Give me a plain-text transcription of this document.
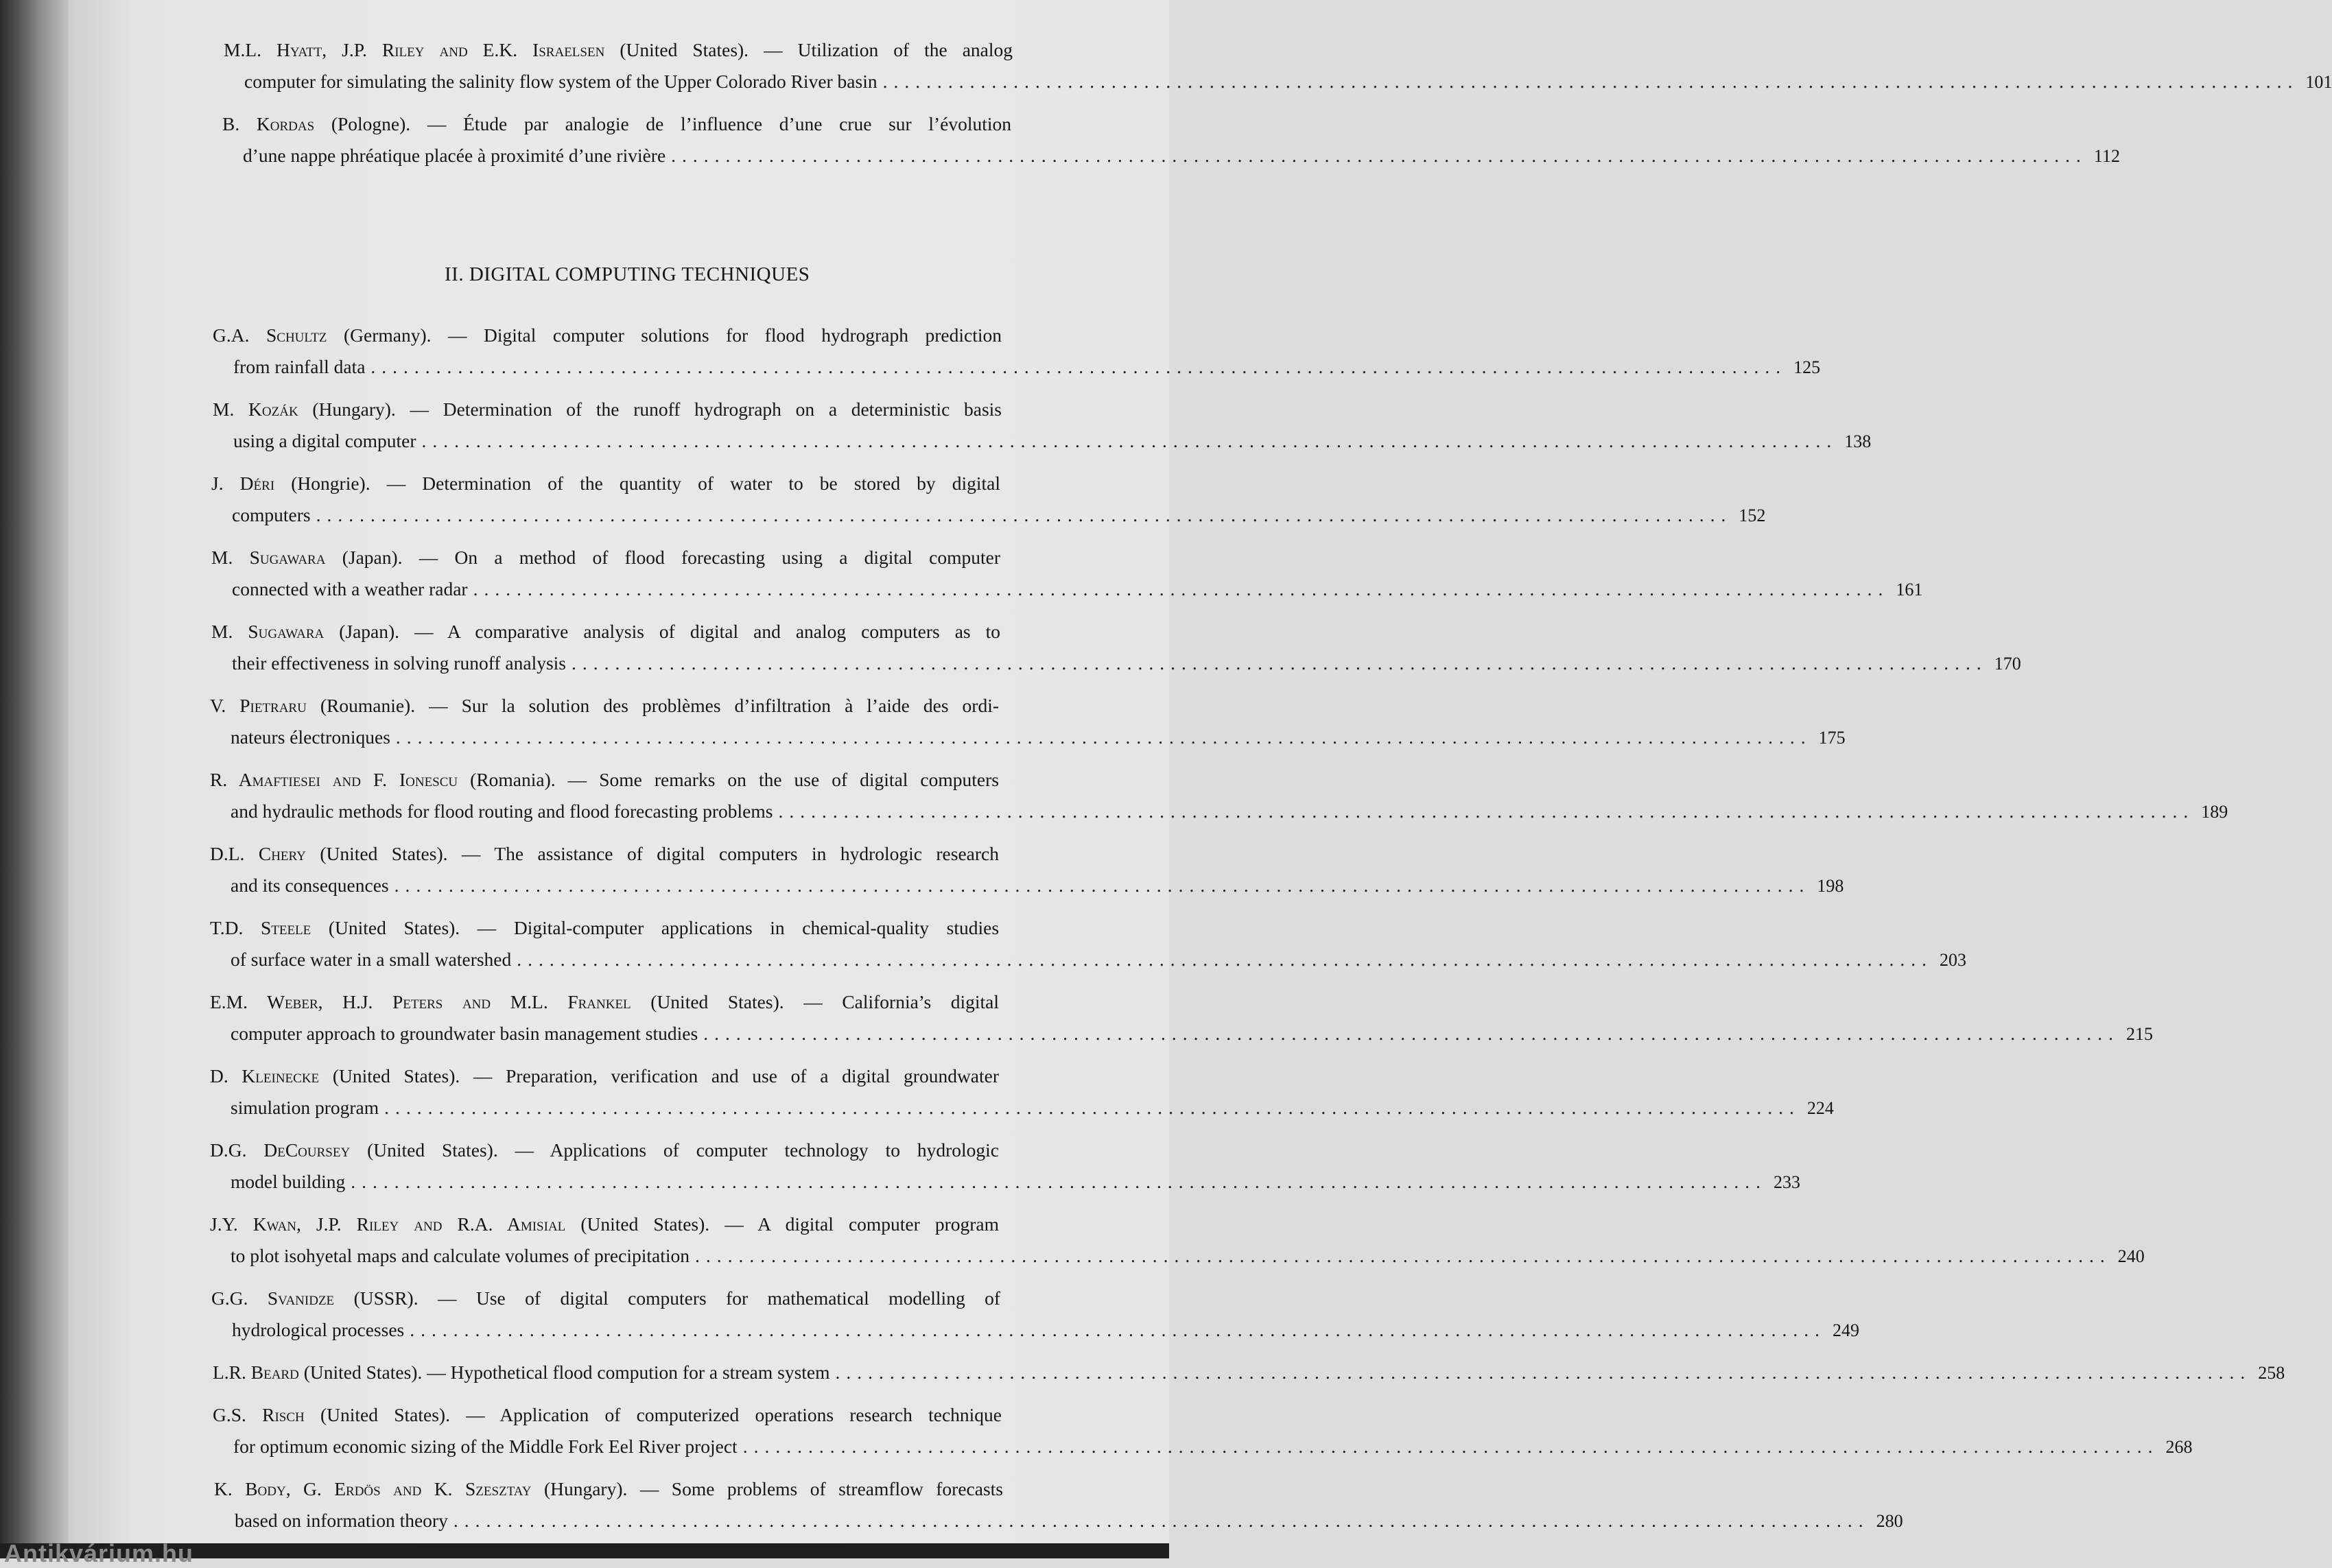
M.L. Hyatt, J.P. Riley and E.K. Israelsen (United States). — Utilization of the analog
computer for simulating the salinity flow system of the Upper Colorado River basin .................................................................................................................................. 101
B. Kordas (Pologne). — Étude par analogie de l’influence d’une crue sur l’évolution
d’une nappe phréatique placée à proximité d’une rivière .................................................................................................................................. 112
II. DIGITAL COMPUTING TECHNIQUES
G.A. Schultz (Germany). — Digital computer solutions for flood hydrograph prediction
from rainfall data .................................................................................................................................. 125
M. Kozák (Hungary). — Determination of the runoff hydrograph on a deterministic basis
using a digital computer .................................................................................................................................. 138
J. Déri (Hongrie). — Determination of the quantity of water to be stored by digital
computers .................................................................................................................................. 152
M. Sugawara (Japan). — On a method of flood forecasting using a digital computer
connected with a weather radar .................................................................................................................................. 161
M. Sugawara (Japan). — A comparative analysis of digital and analog computers as to
their effectiveness in solving runoff analysis .................................................................................................................................. 170
V. Pietraru (Roumanie). — Sur la solution des problèmes d’infiltration à l’aide des ordi-
nateurs électroniques .................................................................................................................................. 175
R. Amaftiesei and F. Ionescu (Romania). — Some remarks on the use of digital computers
and hydraulic methods for flood routing and flood forecasting problems .................................................................................................................................. 189
D.L. Chery (United States). — The assistance of digital computers in hydrologic research
and its consequences .................................................................................................................................. 198
T.D. Steele (United States). — Digital-computer applications in chemical-quality studies
of surface water in a small watershed .................................................................................................................................. 203
E.M. Weber, H.J. Peters and M.L. Frankel (United States). — California’s digital
computer approach to groundwater basin management studies .................................................................................................................................. 215
D. Kleinecke (United States). — Preparation, verification and use of a digital groundwater
simulation program .................................................................................................................................. 224
D.G. DeCoursey (United States). — Applications of computer technology to hydrologic
model building .................................................................................................................................. 233
J.Y. Kwan, J.P. Riley and R.A. Amisial (United States). — A digital computer program
to plot isohyetal maps and calculate volumes of precipitation .................................................................................................................................. 240
G.G. Svanidze (USSR). — Use of digital computers for mathematical modelling of
hydrological processes .................................................................................................................................. 249
L.R. Beard (United States). — Hypothetical flood compution for a stream system .................................................................................................................................. 258
G.S. Risch (United States). — Application of computerized operations research technique
for optimum economic sizing of the Middle Fork Eel River project .................................................................................................................................. 268
K. Body, G. Erdös and K. Szesztay (Hungary). — Some problems of streamflow forecasts
based on information theory .................................................................................................................................. 280
Antikvárium.hu
